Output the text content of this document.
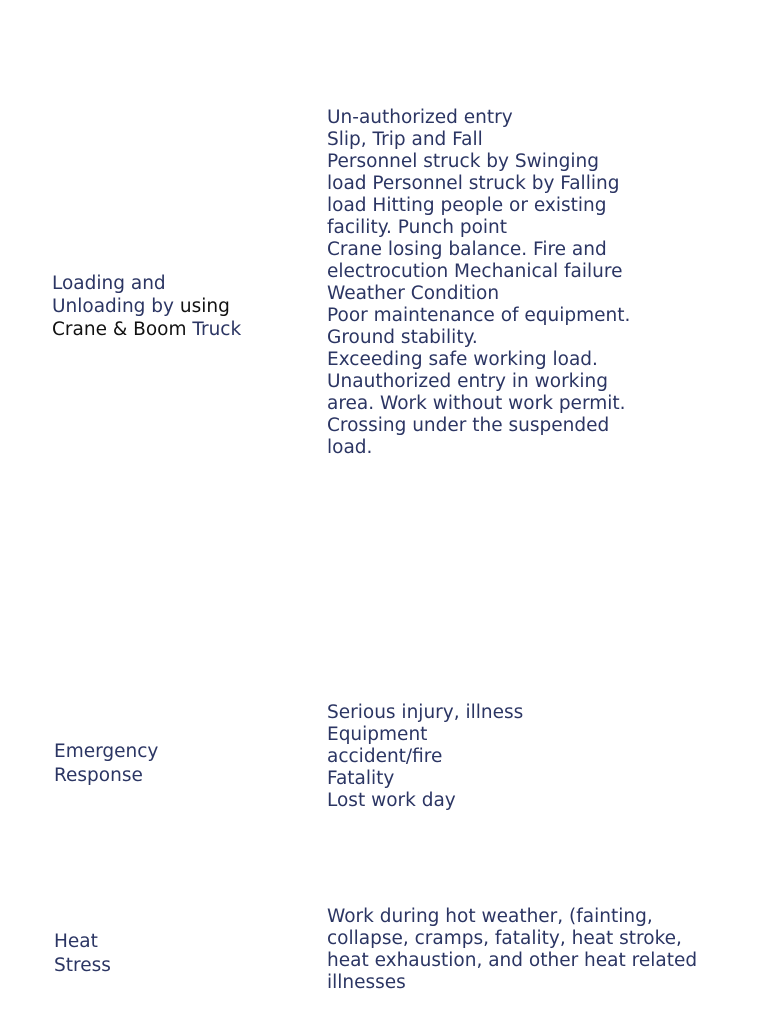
Loading and
Unloading by using
Crane & Boom Truck
Un-authorized entry
Slip, Trip and Fall
Personnel struck by Swinging
load Personnel struck by Falling
load Hitting people or existing
facility. Punch point
Crane losing balance. Fire and
electrocution Mechanical failure
Weather Condition
Poor maintenance of equipment.
Ground stability.
Exceeding safe working load.
Unauthorized entry in working
area. Work without work permit.
Crossing under the suspended
load.
Emergency
Response
Serious injury, illness
Equipment
accident/fire
Fatality
Lost work day
Heat
Stress
Work during hot weather, (fainting,
collapse, cramps, fatality, heat stroke,
heat exhaustion, and other heat related
illnesses
